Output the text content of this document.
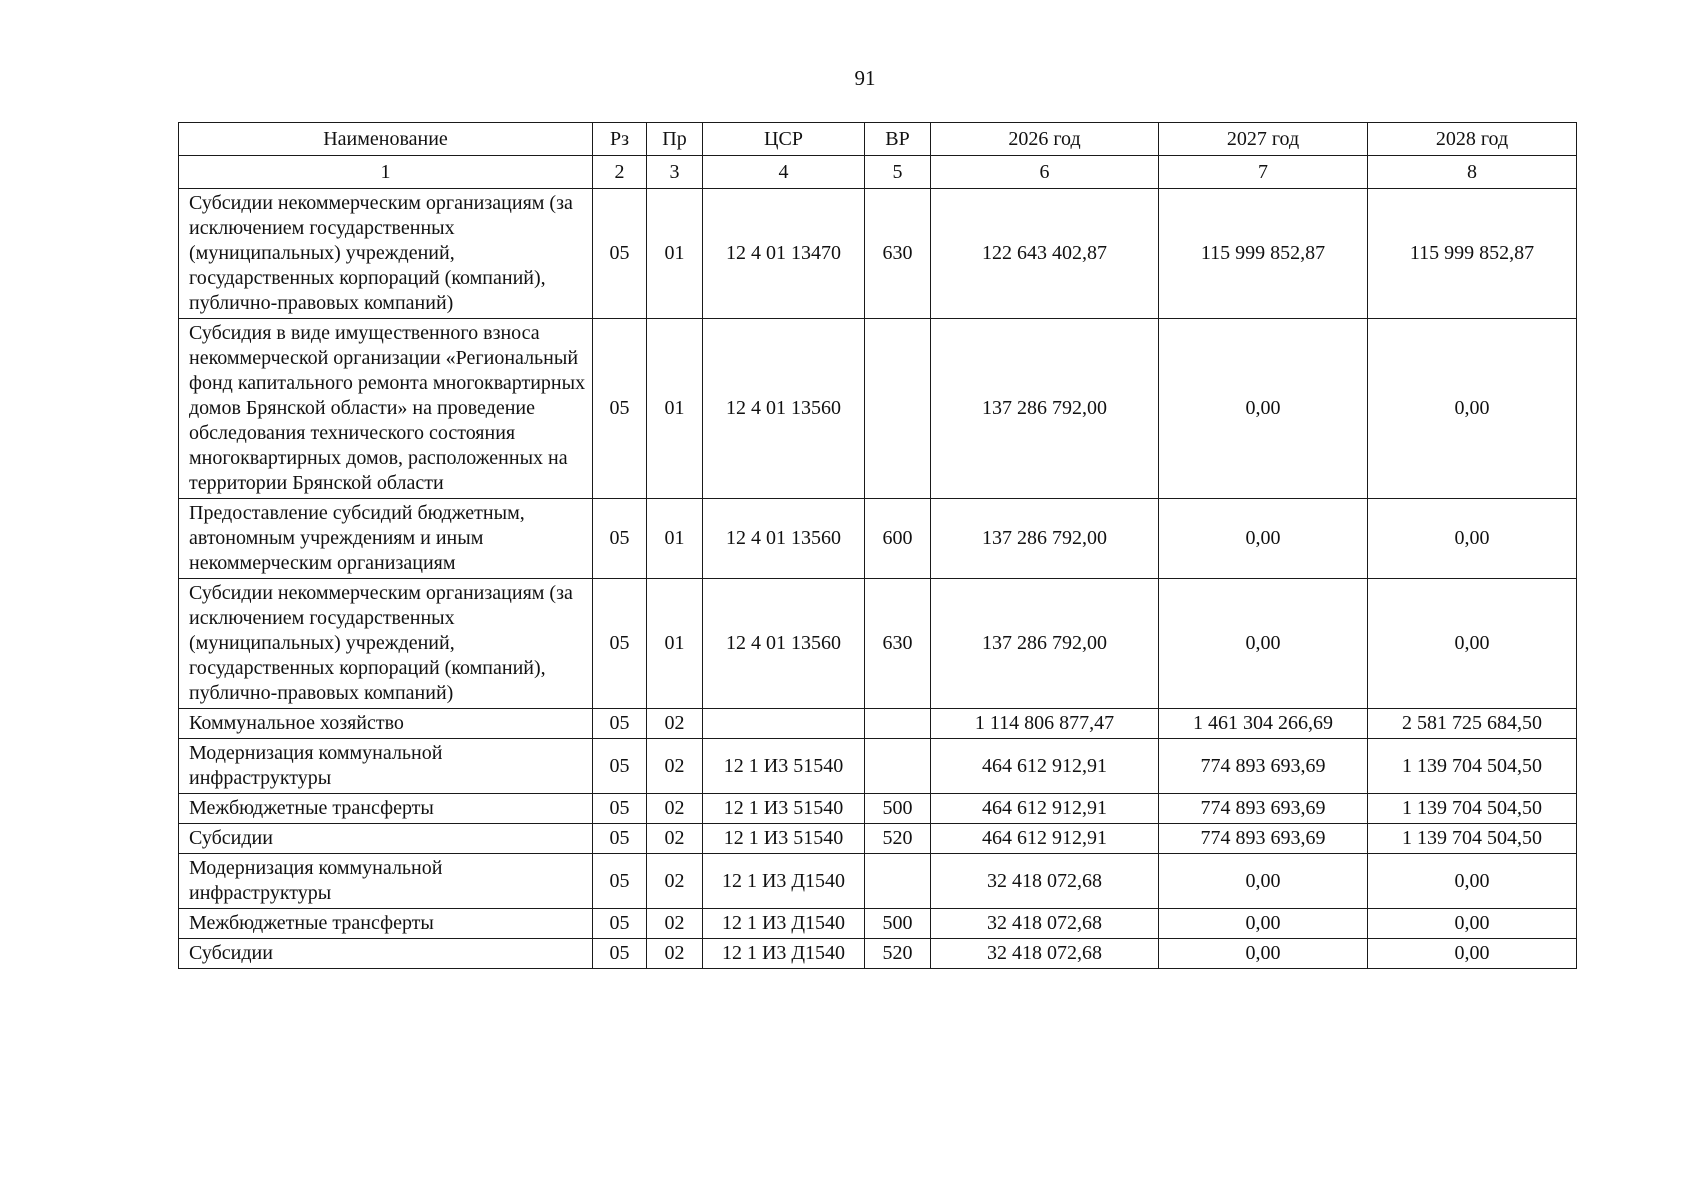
91
Наименование	Рз	Пр	ЦСР	ВР	2026 год	2027 год	2028 год
1	2	3	4	5	6	7	8
Субсидии некоммерческим организациям (за исключением государственных (муниципальных) учреждений, государственных корпораций (компаний), публично-правовых компаний)	05	01	12 4 01 13470	630	122 643 402,87	115 999 852,87	115 999 852,87
Субсидия в виде имущественного взноса некоммерческой организации «Региональный фонд капитального ремонта многоквартирных домов Брянской области» на проведение обследования технического состояния многоквартирных домов, расположенных на территории Брянской области	05	01	12 4 01 13560		137 286 792,00	0,00	0,00
Предоставление субсидий бюджетным, автономным учреждениям и иным некоммерческим организациям	05	01	12 4 01 13560	600	137 286 792,00	0,00	0,00
Субсидии некоммерческим организациям (за исключением государственных (муниципальных) учреждений, государственных корпораций (компаний), публично-правовых компаний)	05	01	12 4 01 13560	630	137 286 792,00	0,00	0,00
Коммунальное хозяйство	05	02			1 114 806 877,47	1 461 304 266,69	2 581 725 684,50
Модернизация коммунальной инфраструктуры	05	02	12 1 И3 51540		464 612 912,91	774 893 693,69	1 139 704 504,50
Межбюджетные трансферты	05	02	12 1 И3 51540	500	464 612 912,91	774 893 693,69	1 139 704 504,50
Субсидии	05	02	12 1 И3 51540	520	464 612 912,91	774 893 693,69	1 139 704 504,50
Модернизация коммунальной инфраструктуры	05	02	12 1 И3 Д1540		32 418 072,68	0,00	0,00
Межбюджетные трансферты	05	02	12 1 И3 Д1540	500	32 418 072,68	0,00	0,00
Субсидии	05	02	12 1 И3 Д1540	520	32 418 072,68	0,00	0,00
